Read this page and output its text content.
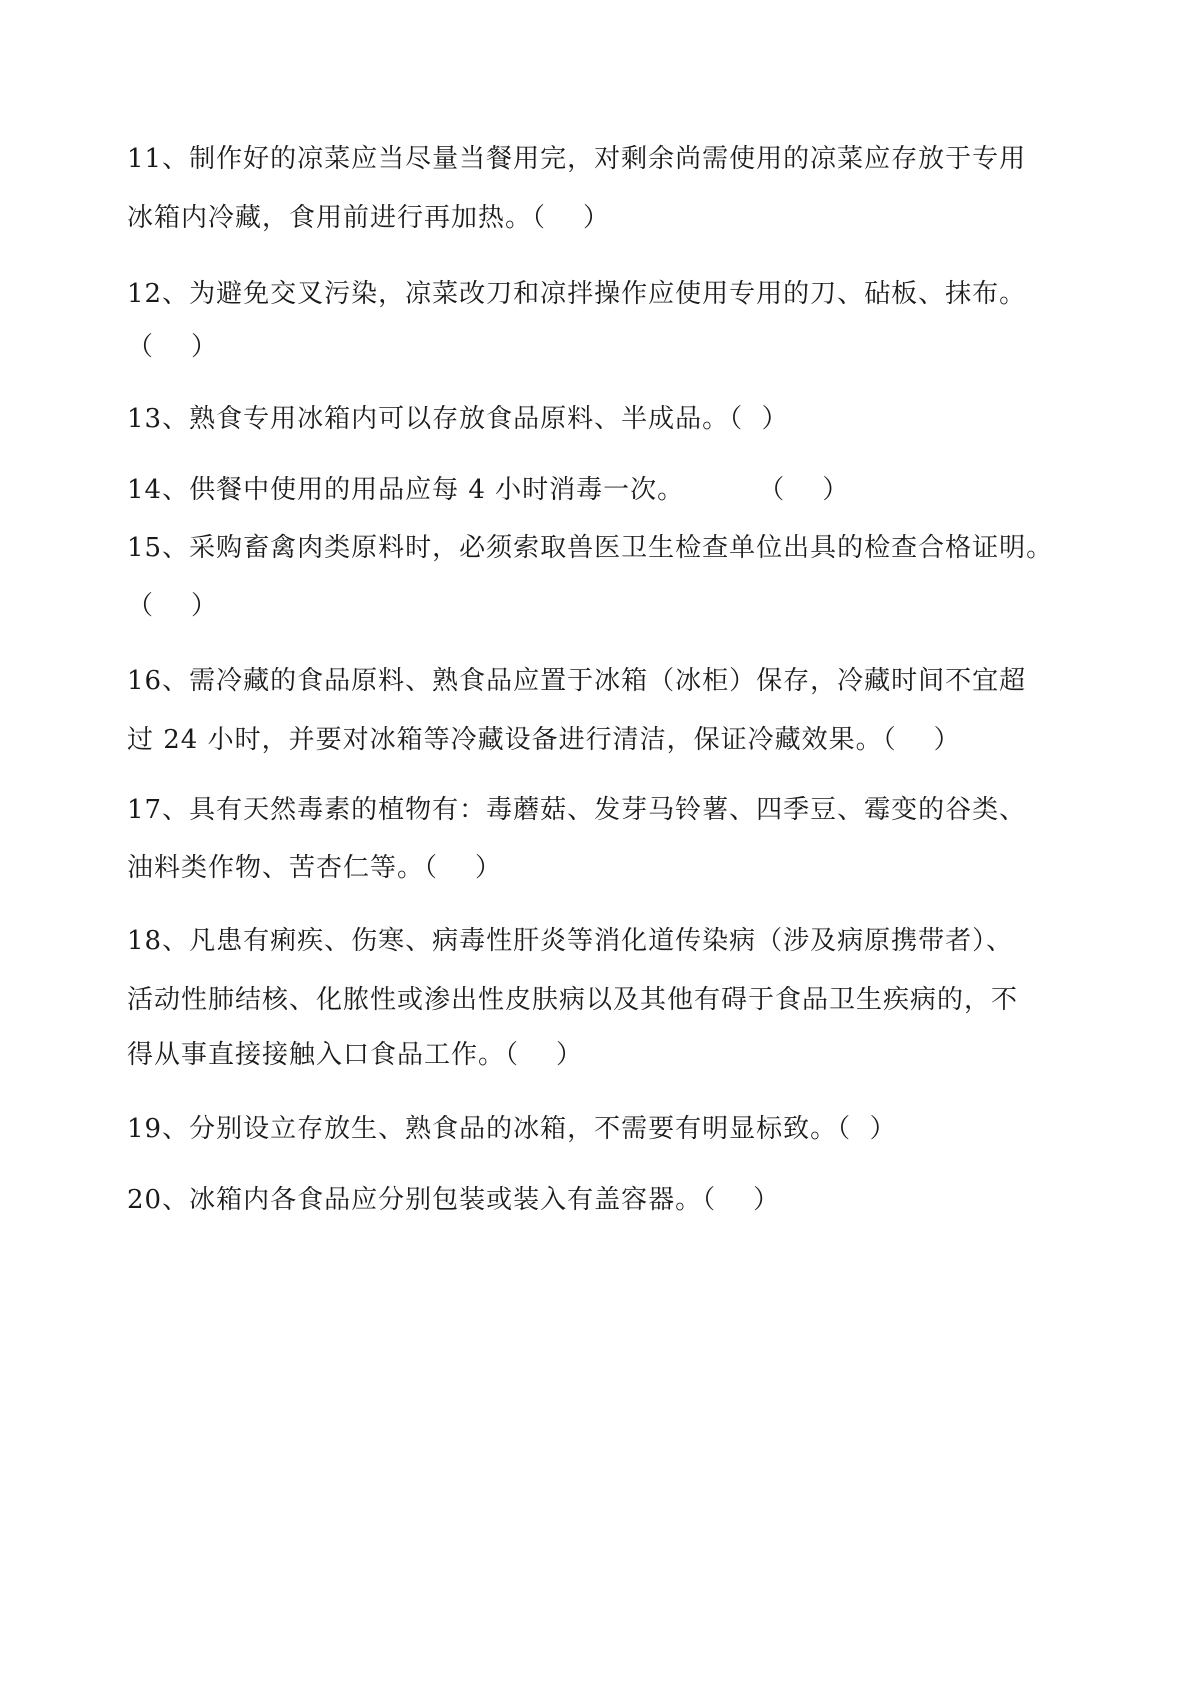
11、制作好的凉菜应当尽量当餐用完，对剩余尚需使用的凉菜应存放于专用
冰箱内冷藏，食用前进行再加热。（    ）
12、为避免交叉污染，凉菜改刀和凉拌操作应使用专用的刀、砧板、抹布。
（    ）
13、熟食专用冰箱内可以存放食品原料、半成品。（  ）
14、供餐中使用的用品应每 4 小时消毒一次。        （    ）
15、采购畜禽肉类原料时，必须索取兽医卫生检查单位出具的检查合格证明。
（    ）
16、需冷藏的食品原料、熟食品应置于冰箱（冰柜）保存，冷藏时间不宜超
过 24 小时，并要对冰箱等冷藏设备进行清洁，保证冷藏效果。（    ）
17、具有天然毒素的植物有：毒蘑菇、发芽马铃薯、四季豆、霉变的谷类、
油料类作物、苦杏仁等。（    ）
18、凡患有痢疾、伤寒、病毒性肝炎等消化道传染病（涉及病原携带者）、
活动性肺结核、化脓性或渗出性皮肤病以及其他有碍于食品卫生疾病的，不
得从事直接接触入口食品工作。（    ）
19、分别设立存放生、熟食品的冰箱，不需要有明显标致。（  ）
20、冰箱内各食品应分别包装或装入有盖容器。（    ）
